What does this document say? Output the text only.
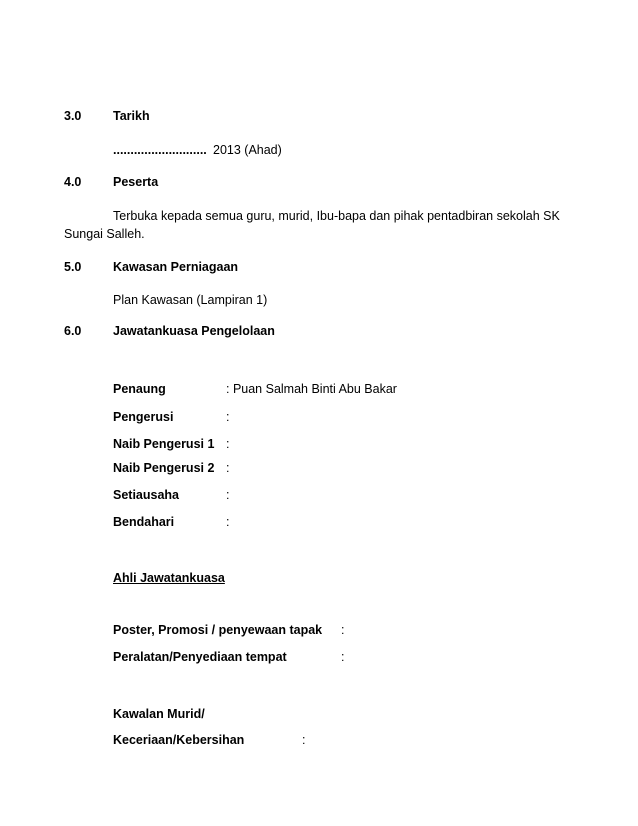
3.0	Tarikh
........................... 2013 (Ahad)
4.0	Peserta
Terbuka kepada semua guru, murid, Ibu-bapa dan pihak pentadbiran sekolah SK
Sungai Salleh.
5.0	Kawasan Perniagaan
Plan Kawasan (Lampiran 1)
6.0	Jawatankuasa Pengelolaan
Penaung	: Puan Salmah Binti Abu Bakar
Pengerusi	:
Naib Pengerusi 1 :
Naib Pengerusi 2 :
Setiausaha	:
Bendahari	:
Ahli Jawatankuasa
Poster, Promosi / penyewaan tapak :
Peralatan/Penyediaan tempat	:
Kawalan Murid/
Keceriaan/Kebersihan	:
